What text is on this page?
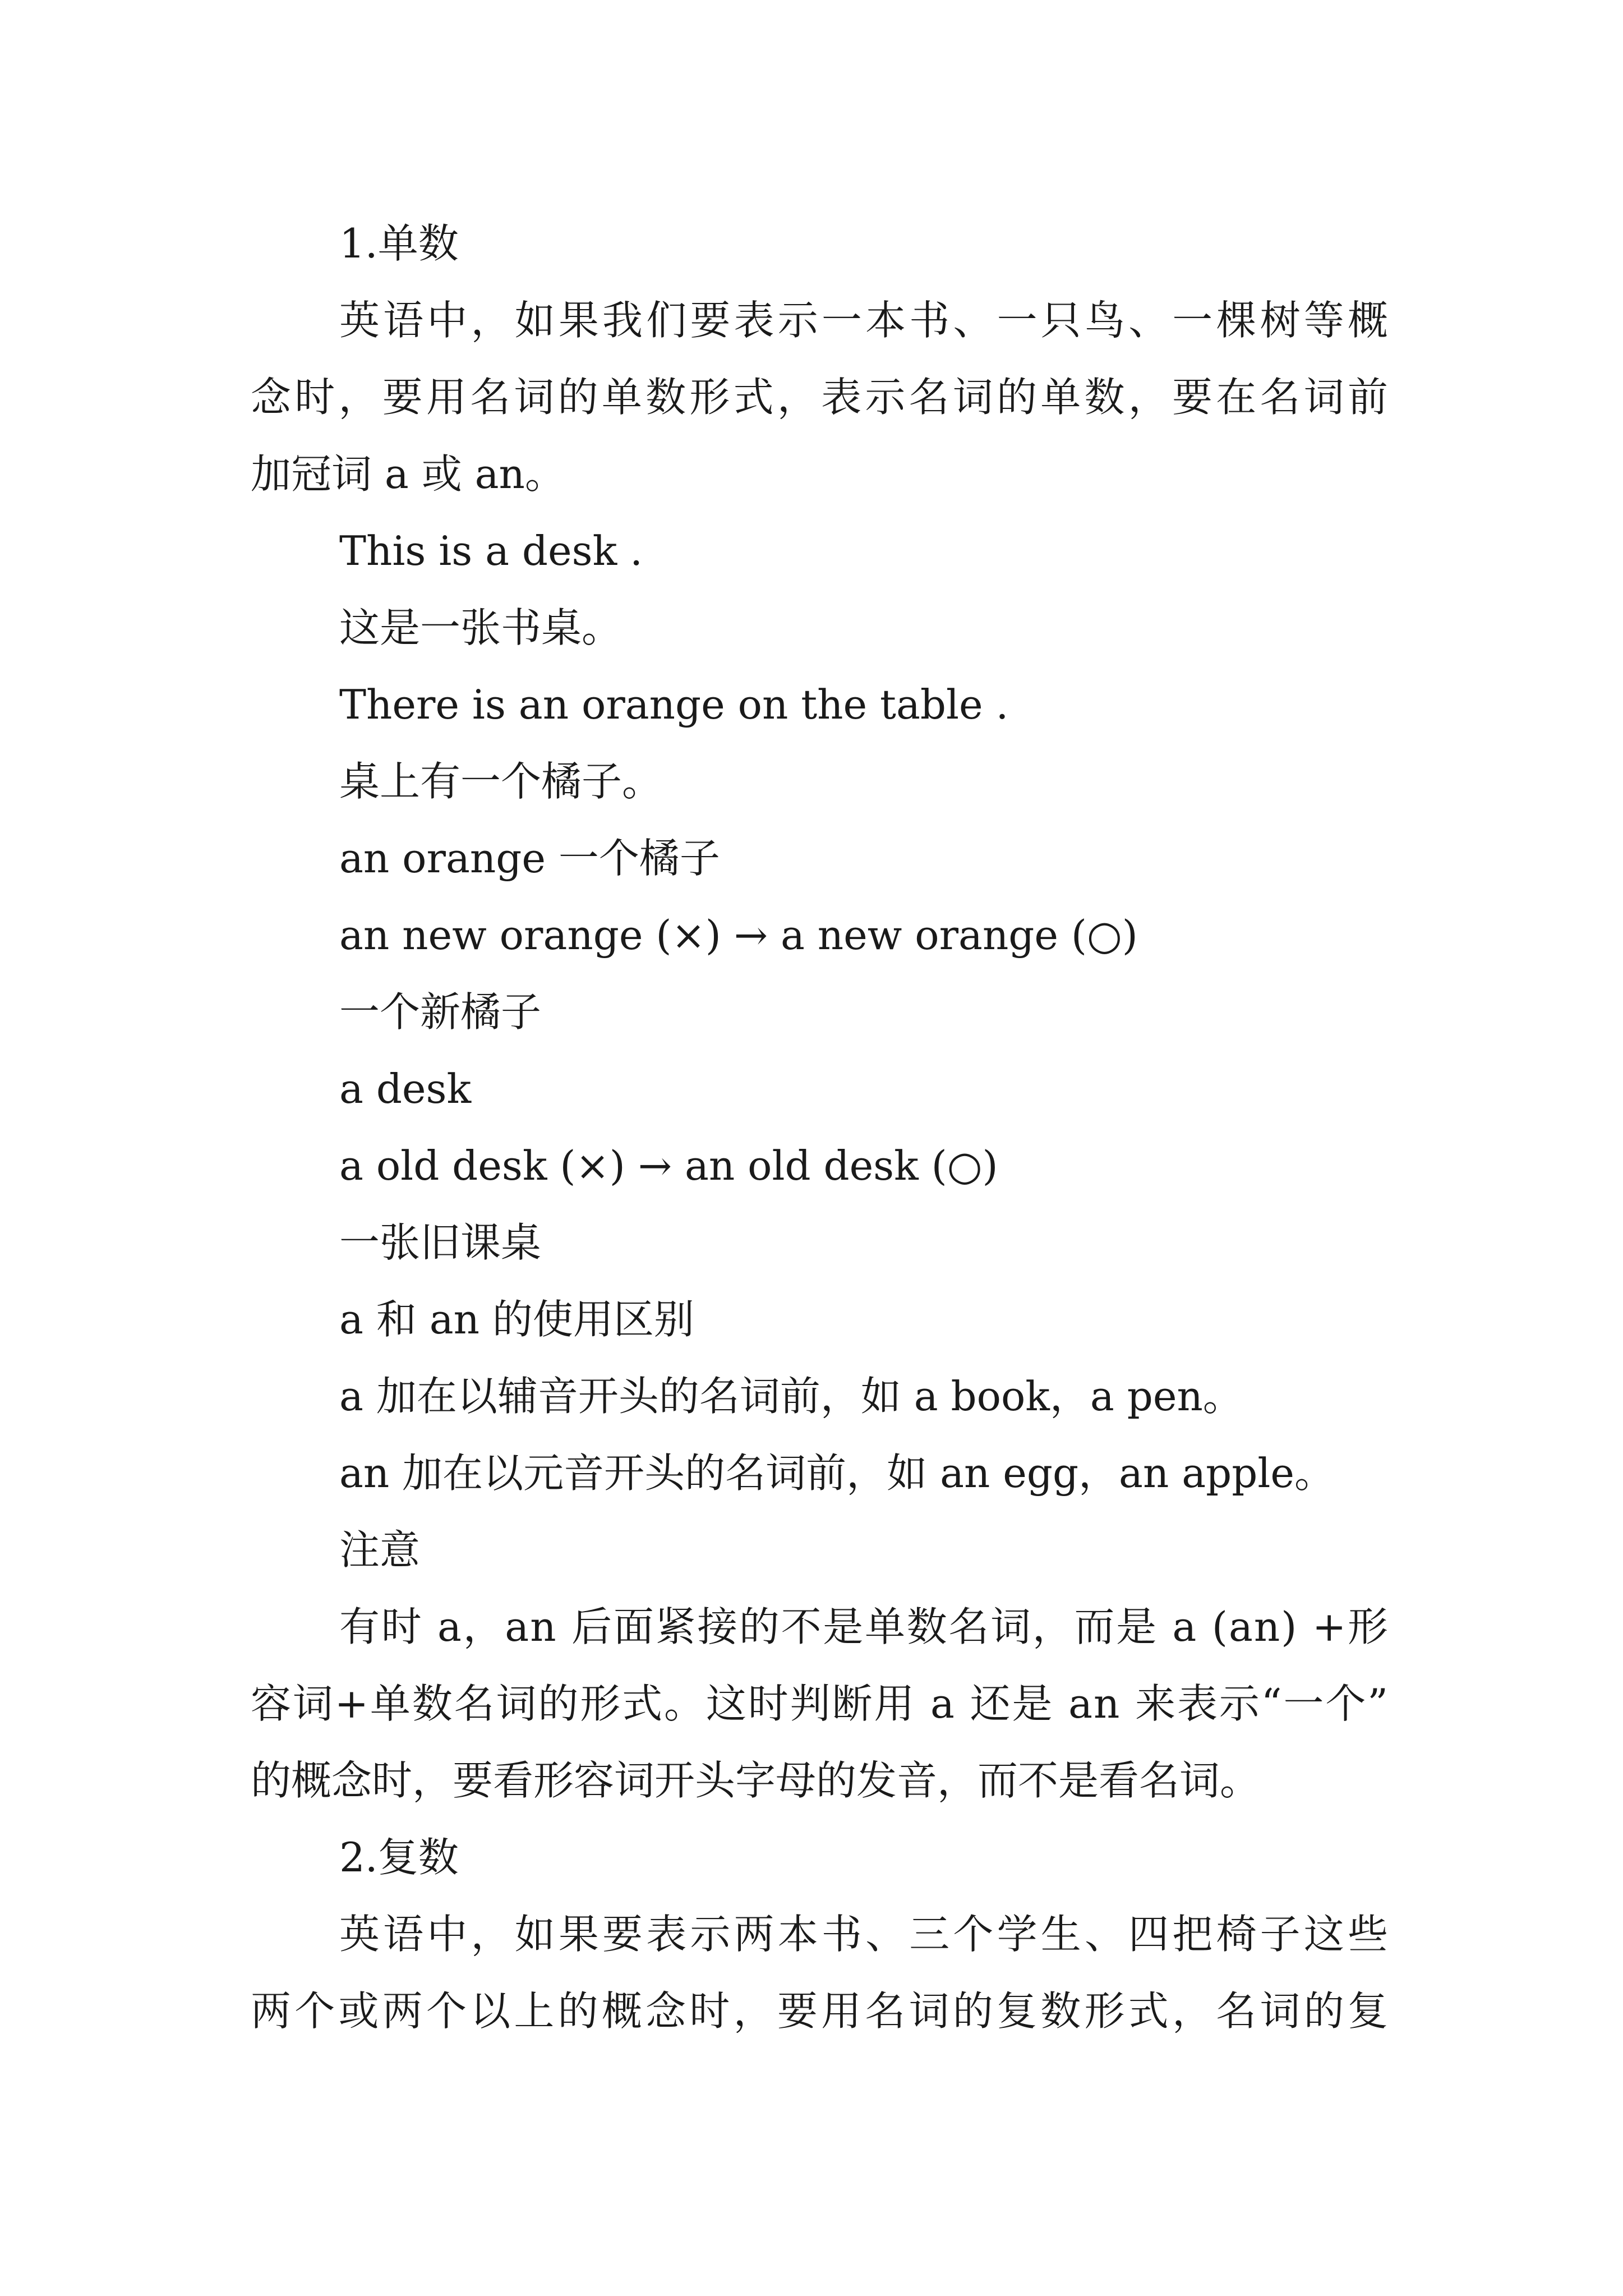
1.单数
英语中，如果我们要表示一本书、一只鸟、一棵树等概
念时，要用名词的单数形式，表示名词的单数，要在名词前
加冠词 a 或 an。
This is a desk .
这是一张书桌。
There is an orange on the table .
桌上有一个橘子。
an orange 一个橘子
an new orange (×) → a new orange (○)
一个新橘子
a desk
a old desk (×) → an old desk (○)
一张旧课桌
a 和 an 的使用区别
a 加在以辅音开头的名词前，如 a book，a pen。
an 加在以元音开头的名词前，如 an egg，an apple。
注意
有时 a，an 后面紧接的不是单数名词，而是 a (an) +形
容词+单数名词的形式。这时判断用 a 还是 an 来表示“一个”
的概念时，要看形容词开头字母的发音，而不是看名词。
2.复数
英语中，如果要表示两本书、三个学生、四把椅子这些
两个或两个以上的概念时，要用名词的复数形式，名词的复
